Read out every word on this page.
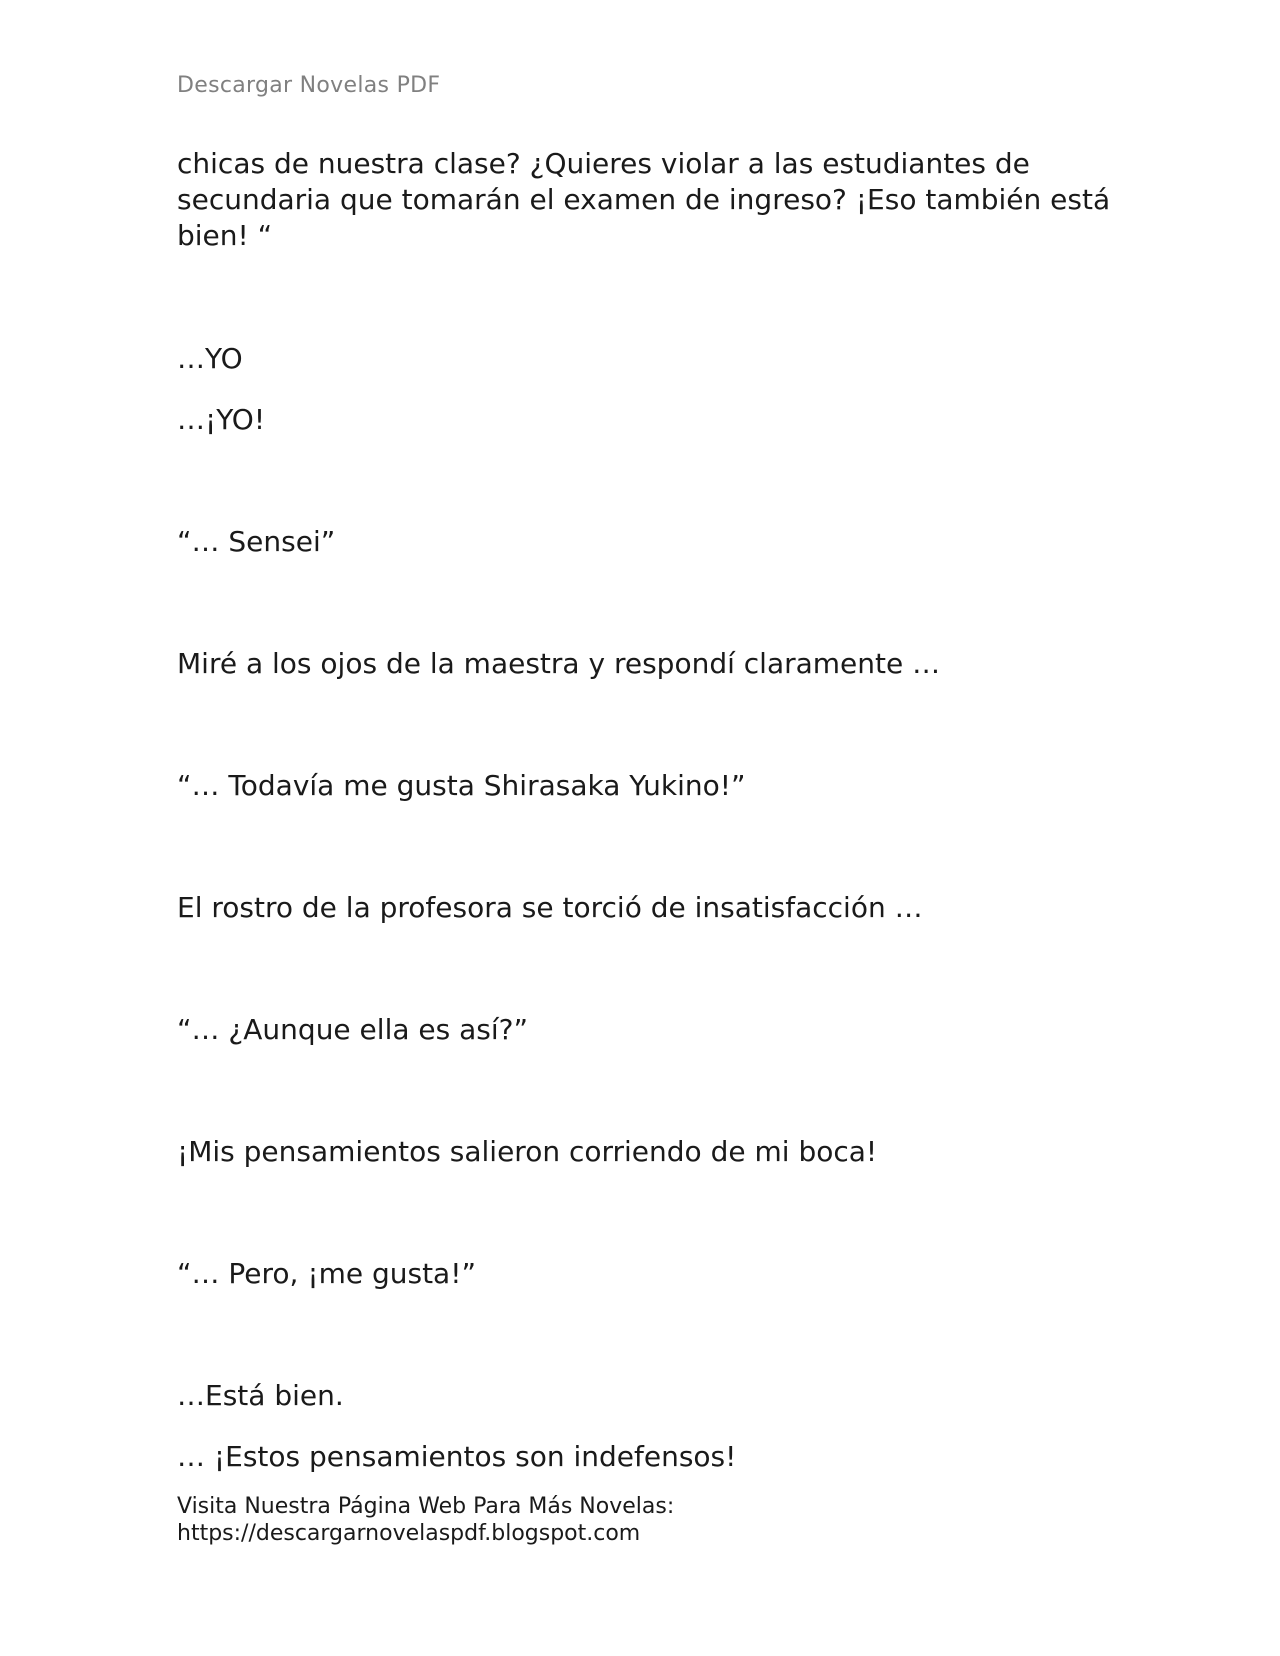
Descargar Novelas PDF

chicas de nuestra clase? ¿Quieres violar a las estudiantes de secundaria que tomarán el examen de ingreso? ¡Eso también está bien! “

…YO

…¡YO!

“… Sensei”

Miré a los ojos de la maestra y respondí claramente …

“… Todavía me gusta Shirasaka Yukino!”

El rostro de la profesora se torció de insatisfacción …

“… ¿Aunque ella es así?”

¡Mis pensamientos salieron corriendo de mi boca!

“… Pero, ¡me gusta!”

…Está bien.

… ¡Estos pensamientos son indefensos!

Visita Nuestra Página Web Para Más Novelas:
https://descargarnovelaspdf.blogspot.com
